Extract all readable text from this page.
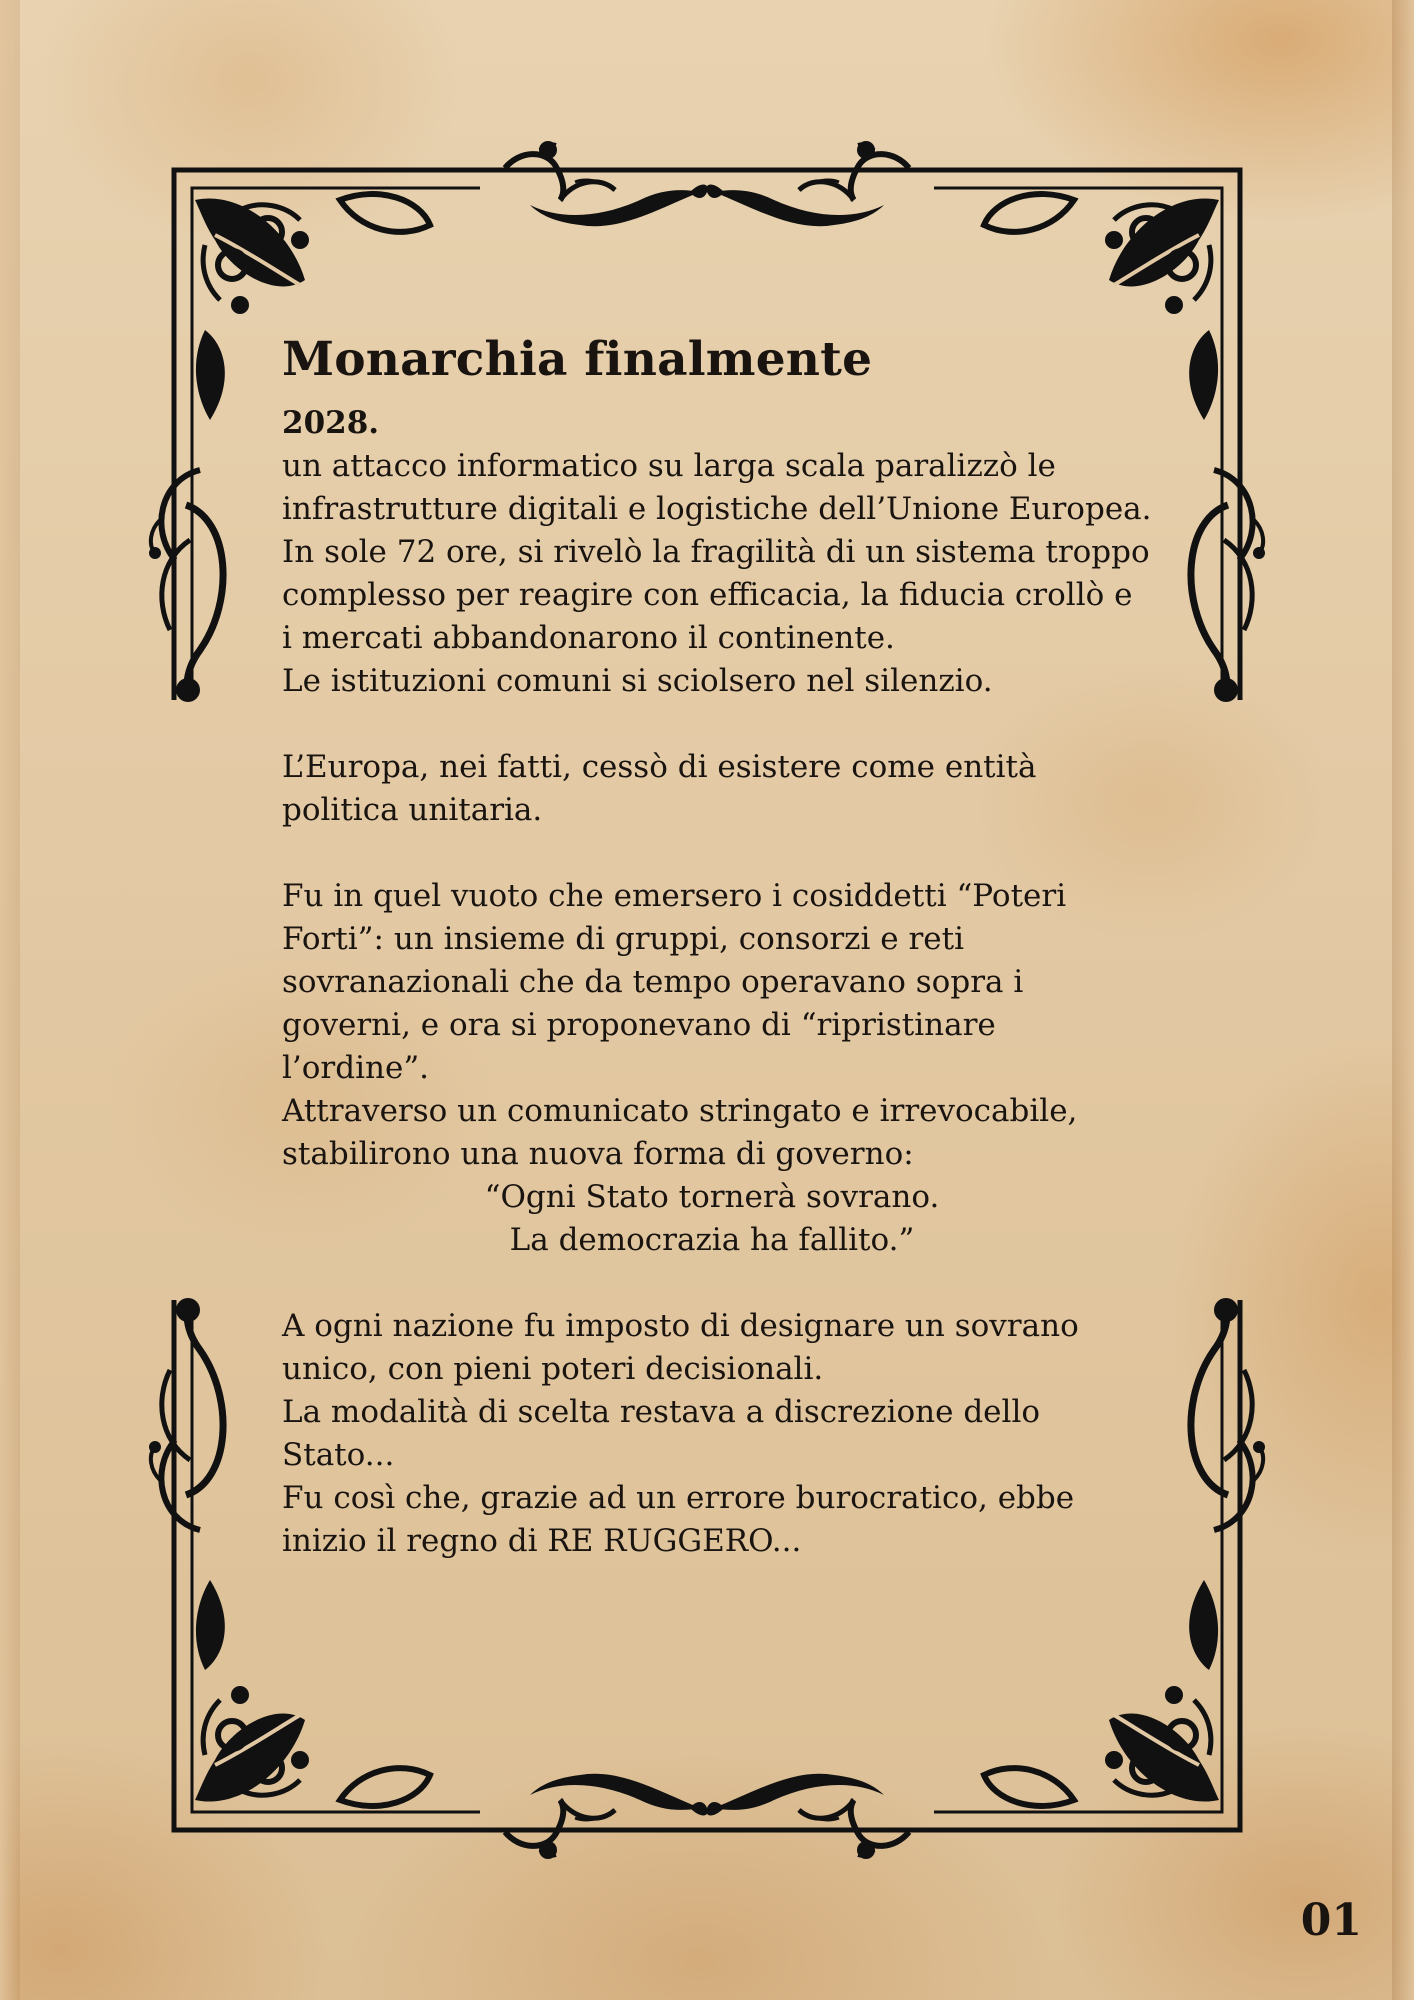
Monarchia finalmente

2028.

un attacco informatico su larga scala paralizzò le infrastrutture digitali e logistiche dell’Unione Europea. In sole 72 ore, si rivelò la fragilità di un sistema troppo complesso per reagire con efficacia, la fiducia crollò e i mercati abbandonarono il continente.

Le istituzioni comuni si sciolsero nel silenzio.

L’Europa, nei fatti, cessò di esistere come entità politica unitaria.

Fu in quel vuoto che emersero i cosiddetti “Poteri Forti”: un insieme di gruppi, consorzi e reti sovranazionali che da tempo operavano sopra i governi, e ora si proponevano di “ripristinare l’ordine”.

Attraverso un comunicato stringato e irrevocabile, stabilirono una nuova forma di governo:

“Ogni Stato tornerà sovrano.

La democrazia ha fallito.”

A ogni nazione fu imposto di designare un sovrano unico, con pieni poteri decisionali.

La modalità di scelta restava a discrezione dello Stato...

Fu così che, grazie ad un errore burocratico, ebbe inizio il regno di RE RUGGERO...

01
